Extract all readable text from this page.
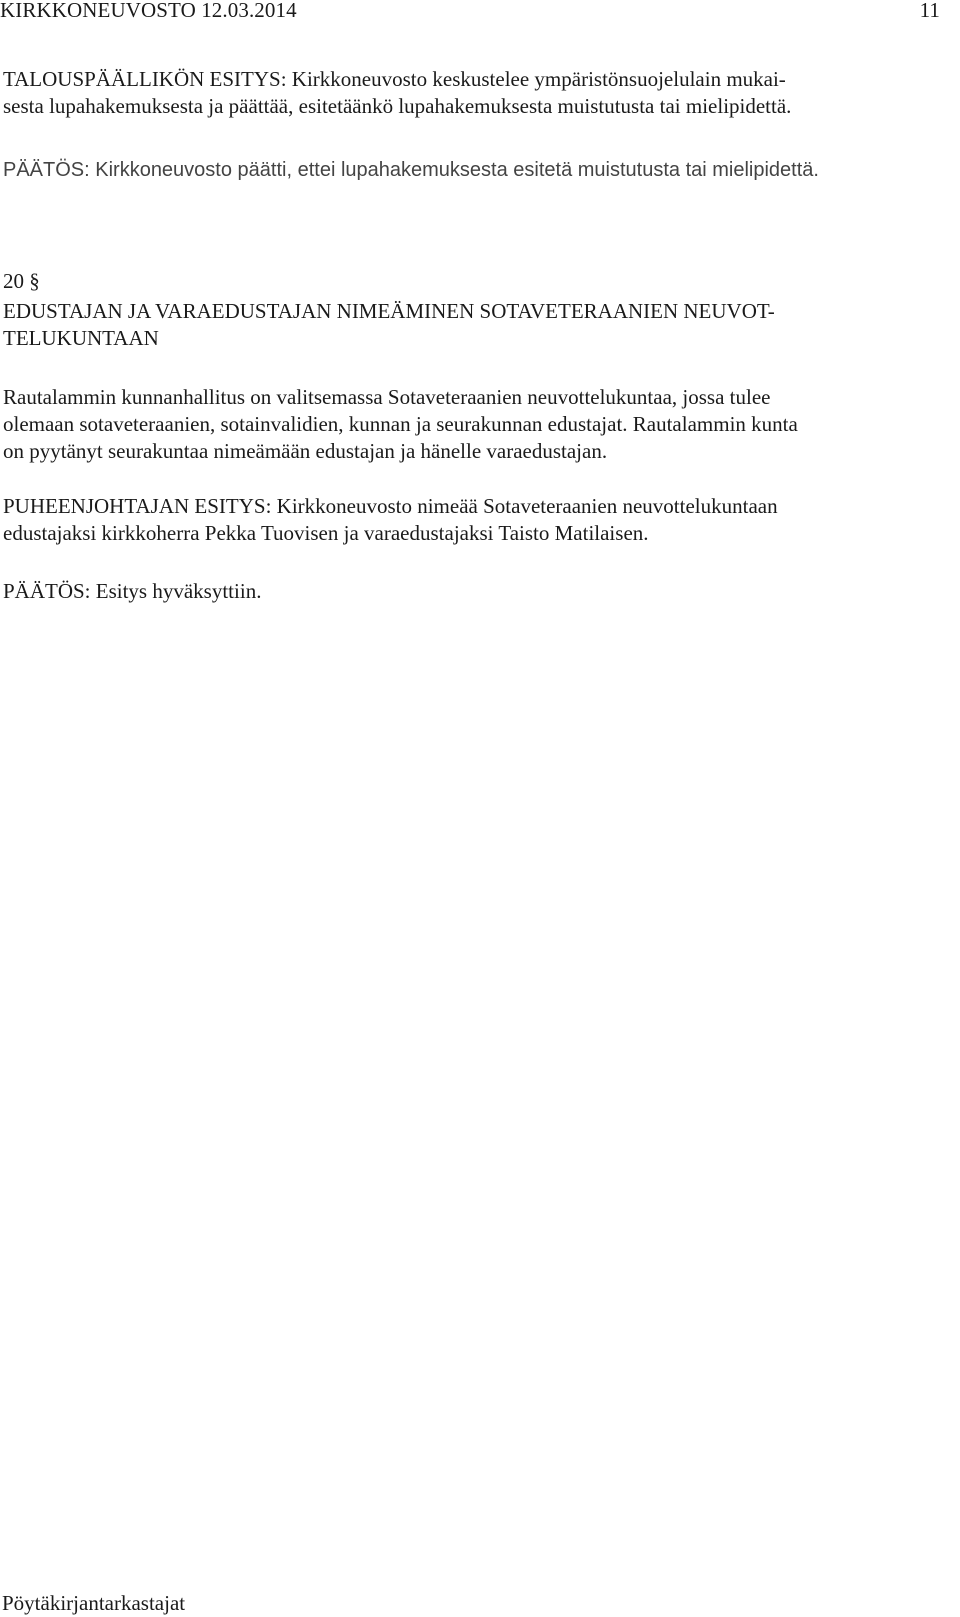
KIRKKONEUVOSTO 12.03.2014	11

TALOUSPÄÄLLIKÖN ESITYS: Kirkkoneuvosto keskustelee ympäristönsuojelulain mukai-
sesta lupahakemuksesta ja päättää, esitetäänkö lupahakemuksesta muistutusta tai mielipidettä.

PÄÄTÖS: Kirkkoneuvosto päätti, ettei lupahakemuksesta esitetä muistutusta tai mielipidettä.

20 §
EDUSTAJAN JA VARAEDUSTAJAN NIMEÄMINEN SOTAVETERAANIEN NEUVOT-
TELUKUNTAAN

Rautalammin kunnanhallitus on valitsemassa Sotaveteraanien neuvottelukuntaa, jossa tulee
olemaan sotaveteraanien, sotainvalidien, kunnan ja seurakunnan edustajat. Rautalammin kunta
on pyytänyt seurakuntaa nimeämään edustajan ja hänelle varaedustajan.

PUHEENJOHTAJAN ESITYS: Kirkkoneuvosto nimeää Sotaveteraanien neuvottelukuntaan
edustajaksi kirkkoherra Pekka Tuovisen ja varaedustajaksi Taisto Matilaisen.

PÄÄTÖS: Esitys hyväksyttiin.

Pöytäkirjantarkastajat
